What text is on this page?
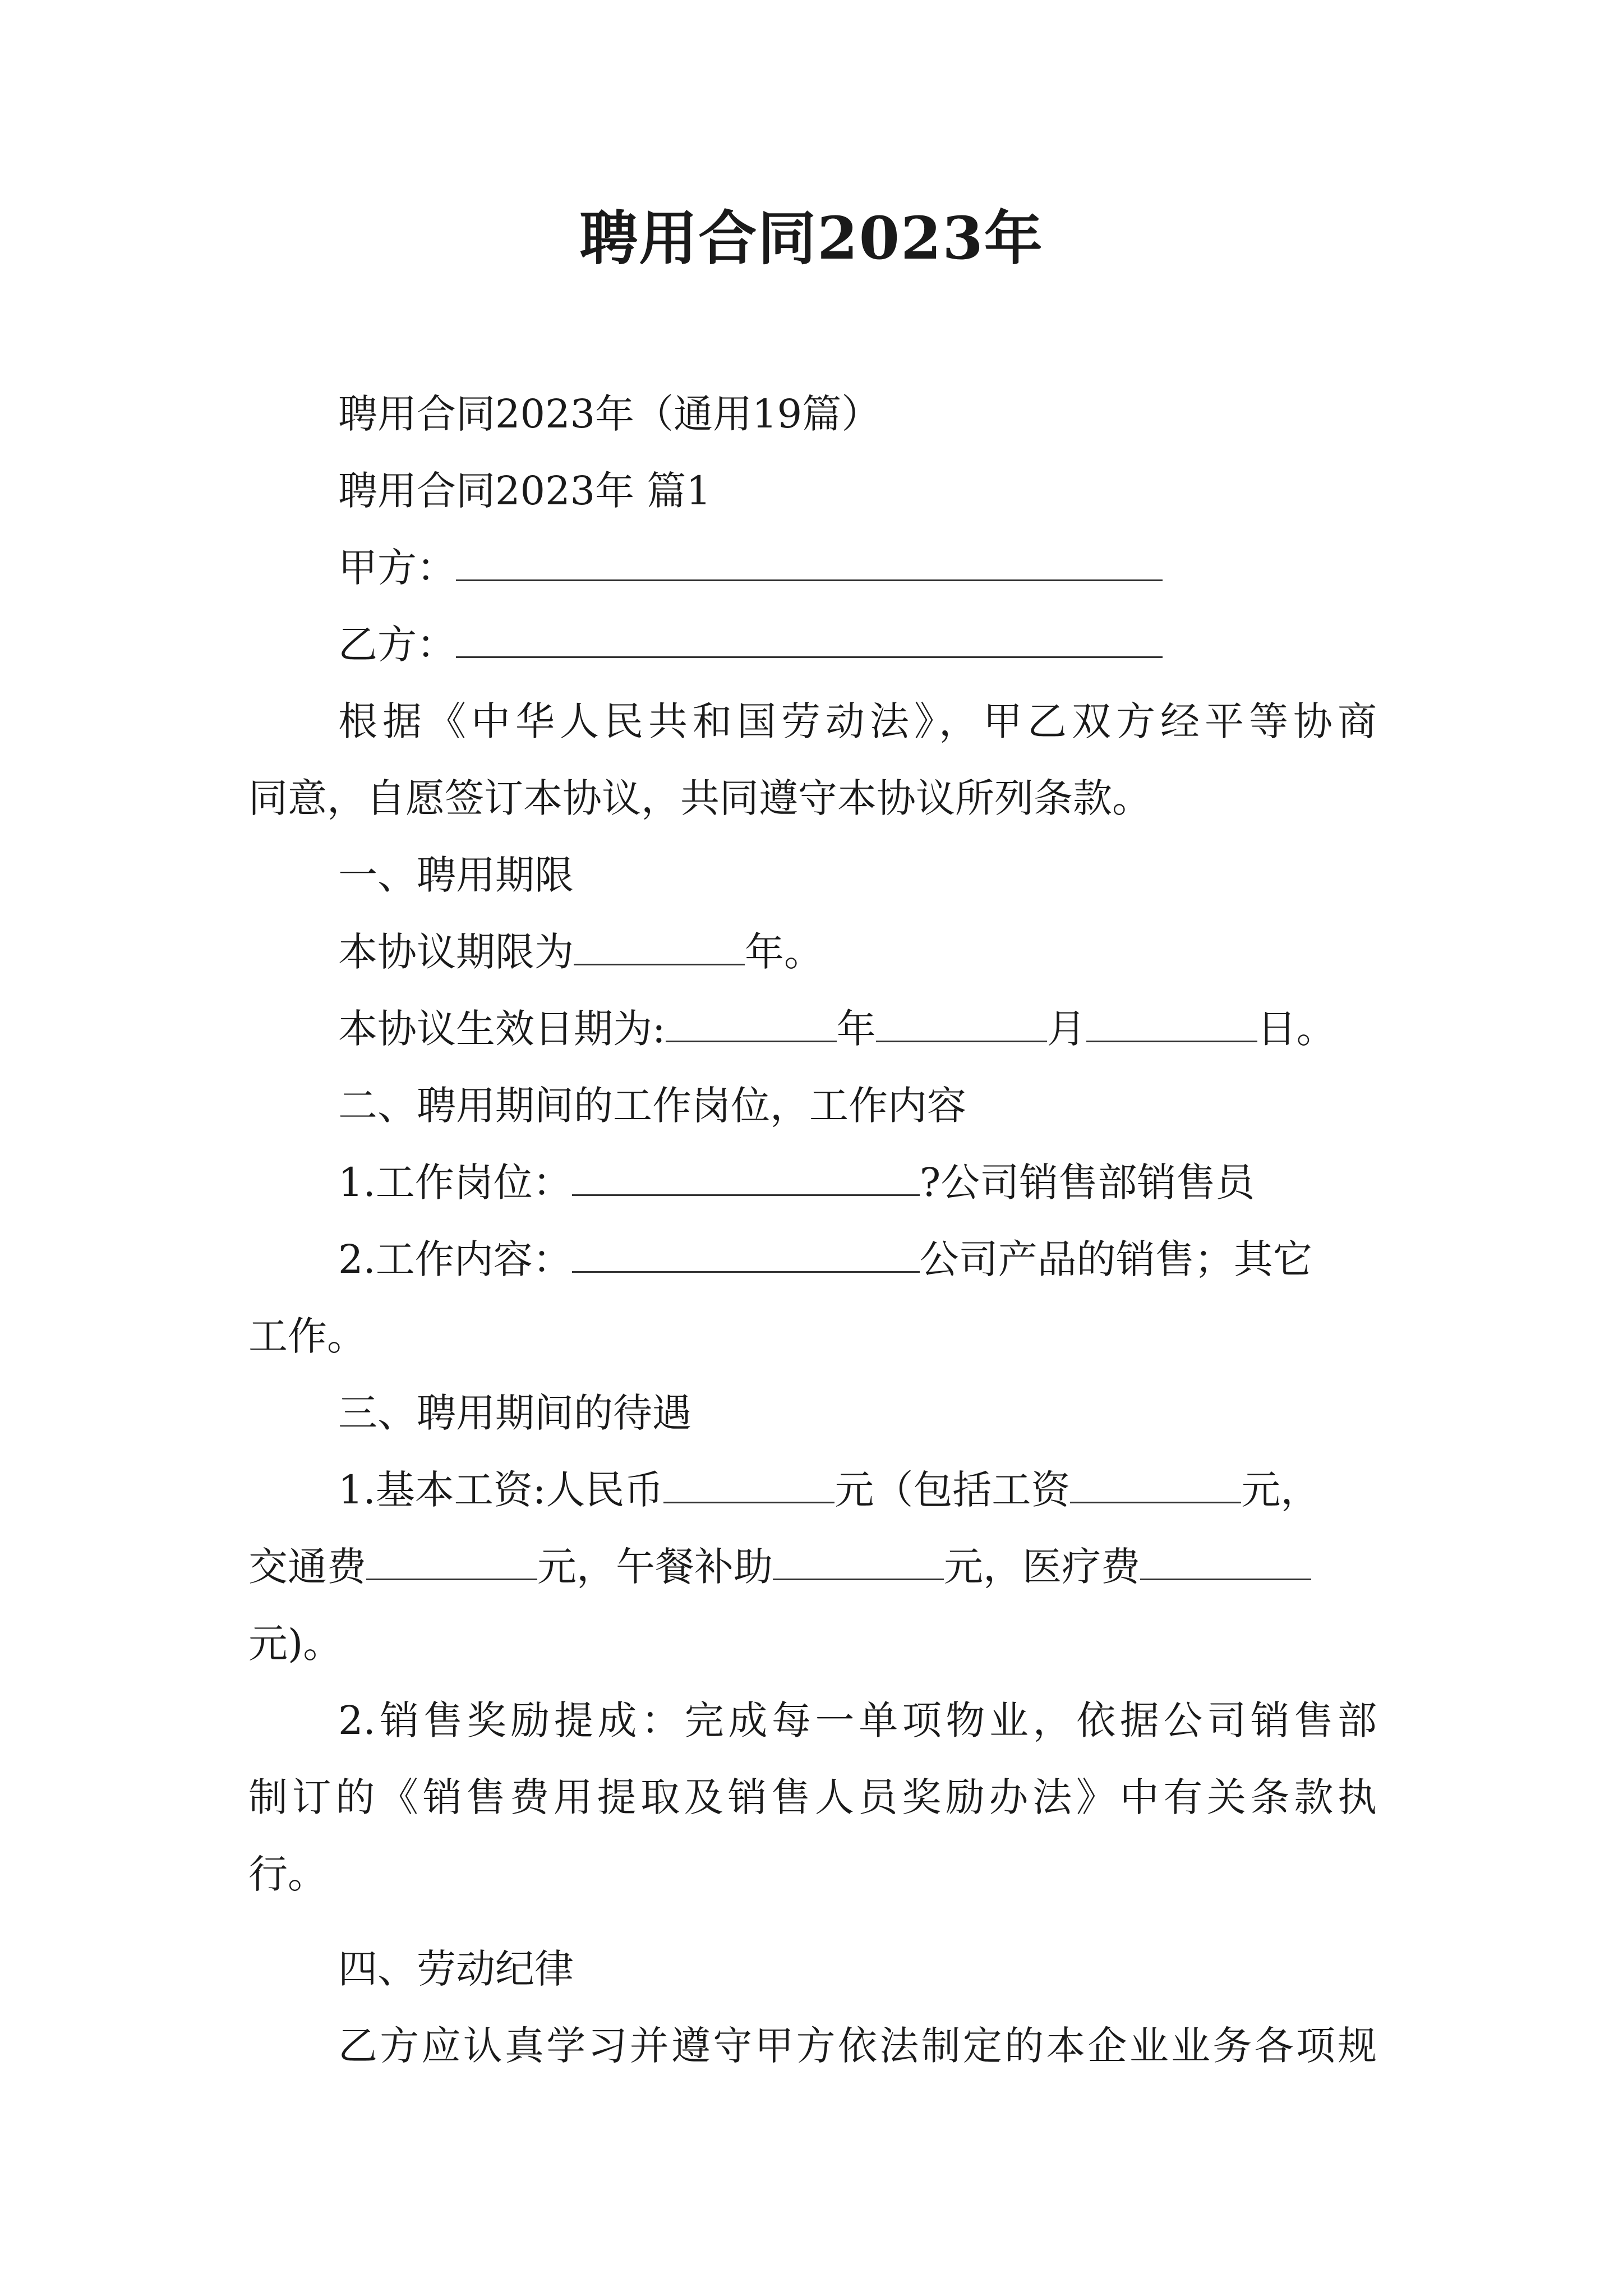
聘用合同2023年
聘用合同2023年（通用19篇）
聘用合同2023年 篇1
甲方：
乙方：
根据《中华人民共和国劳动法》，甲乙双方经平等协商
同意，自愿签订本协议，共同遵守本协议所列条款。
一、聘用期限
本协议期限为	年。
本协议生效日期为:	年	月	日。
二、聘用期间的工作岗位，工作内容
1.工作岗位：	?公司销售部销售员
2.工作内容：	公司产品的销售；其它
工作。
三、聘用期间的待遇
1.基本工资:人民币	元（包括工资	元，
交通费	元，午餐补助	元，医疗费
元)。
2.销售奖励提成：完成每一单项物业，依据公司销售部
制订的《销售费用提取及销售人员奖励办法》中有关条款执
行。
四、劳动纪律
乙方应认真学习并遵守甲方依法制定的本企业业务各项规
